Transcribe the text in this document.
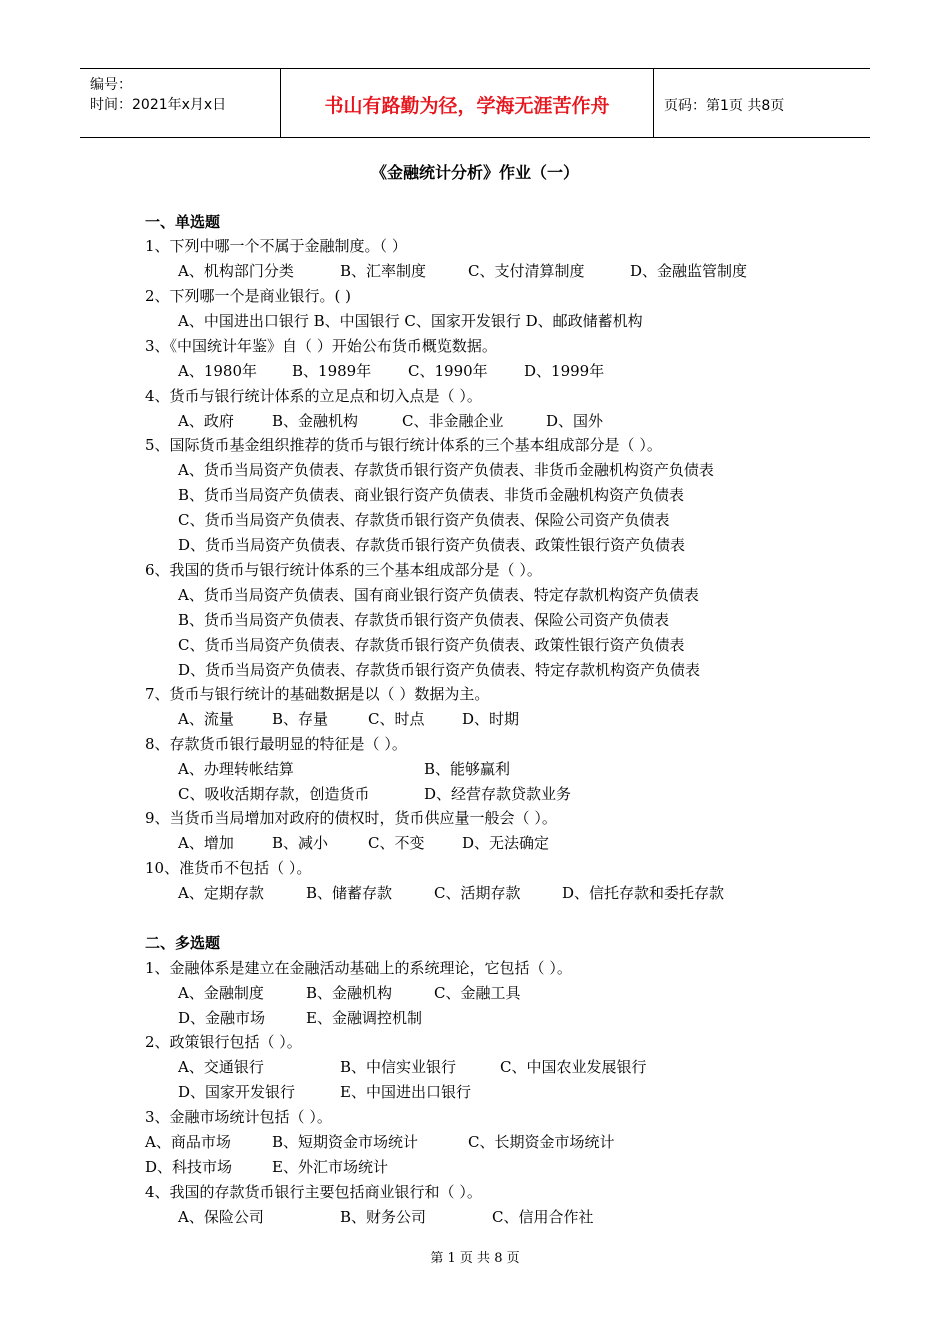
编号：
时间：2021年x月x日	书山有路勤为径，学海无涯苦作舟	页码：第1页 共8页
《金融统计分析》作业（一）
一、单选题
1、下列中哪一个不属于金融制度。（ ）
A、机构部门分类	B、汇率制度	C、支付清算制度	D、金融监管制度
2、下列哪一个是商业银行。( )
A、中国进出口银行 B、中国银行 C、国家开发银行 D、邮政储蓄机构
3、《中国统计年鉴》自（ ）开始公布货币概览数据。
A、1980年 B、1989年 C、1990年 D、1999年
4、货币与银行统计体系的立足点和切入点是（ ）。
A、政府	B、金融机构	C、非金融企业	D、国外
5、国际货币基金组织推荐的货币与银行统计体系的三个基本组成部分是（ ）。
A、货币当局资产负债表、存款货币银行资产负债表、非货币金融机构资产负债表
B、货币当局资产负债表、商业银行资产负债表、非货币金融机构资产负债表
C、货币当局资产负债表、存款货币银行资产负债表、保险公司资产负债表
D、货币当局资产负债表、存款货币银行资产负债表、政策性银行资产负债表
6、我国的货币与银行统计体系的三个基本组成部分是（ ）。
A、货币当局资产负债表、国有商业银行资产负债表、特定存款机构资产负债表
B、货币当局资产负债表、存款货币银行资产负债表、保险公司资产负债表
C、货币当局资产负债表、存款货币银行资产负债表、政策性银行资产负债表
D、货币当局资产负债表、存款货币银行资产负债表、特定存款机构资产负债表
7、货币与银行统计的基础数据是以（ ）数据为主。
A、流量	B、存量	C、时点	D、时期
8、存款货币银行最明显的特征是（ ）。
A、办理转帐结算	B、能够赢利
C、吸收活期存款，创造货币	D、经营存款贷款业务
9、当货币当局增加对政府的债权时，货币供应量一般会（ ）。
A、增加	B、减小	C、不变	D、无法确定
10、准货币不包括（ ）。
A、定期存款	B、储蓄存款	C、活期存款	D、信托存款和委托存款
二、多选题
1、金融体系是建立在金融活动基础上的系统理论，它包括（ ）。
A、金融制度	B、金融机构	C、金融工具
D、金融市场	E、金融调控机制
2、政策银行包括（ ）。
A、交通银行	B、中信实业银行	C、中国农业发展银行
D、国家开发银行	E、中国进出口银行
3、金融市场统计包括（ ）。
A、商品市场	B、短期资金市场统计	C、长期资金市场统计
D、科技市场	E、外汇市场统计
4、我国的存款货币银行主要包括商业银行和（ ）。
A、保险公司	B、财务公司	C、信用合作社
第 1 页 共 8 页
